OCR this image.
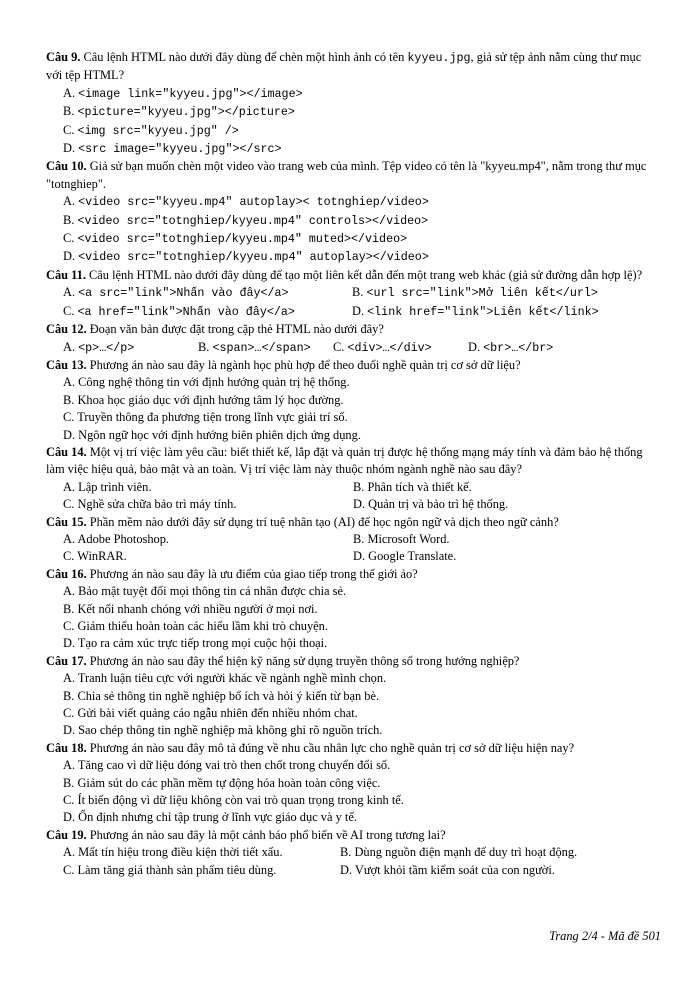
Câu 9. Câu lệnh HTML nào dưới đây dùng để chèn một hình ảnh có tên kyyeu.jpg, giả sử tệp ảnh nằm cùng thư mục với tệp HTML?
A. <image link="kyyeu.jpg"></image>
B. <picture="kyyeu.jpg"></picture>
C. <img src="kyyeu.jpg" />
D. <src image="kyyeu.jpg"></src>
Câu 10. Giả sử bạn muốn chèn một video vào trang web của mình. Tệp video có tên là "kyyeu.mp4", nằm trong thư mục "totnghiep".
A. <video src="kyyeu.mp4" autoplay>< totnghiep/video>
B. <video src="totnghiep/kyyeu.mp4" controls></video>
C. <video src="totnghiep/kyyeu.mp4" muted></video>
D. <video src="totnghiep/kyyeu.mp4" autoplay></video>
Câu 11. Câu lệnh HTML nào dưới đây dùng để tạo một liên kết dẫn đến một trang web khác (giả sử đường dẫn hợp lệ)?
A. <a src="link">Nhấn vào đây</a>	B. <url src="link">Mở liên kết</url>
C. <a href="link">Nhấn vào đây</a>	D. <link href="link">Liên kết</link>
Câu 12. Đoạn văn bản được đặt trong cặp thẻ HTML nào dưới đây?
A. <p>…</p>	B. <span>…</span>	C. <div>…</div>	D. <br>…</br>
Câu 13. Phương án nào sau đây là ngành học phù hợp để theo đuổi nghề quản trị cơ sở dữ liệu?
A. Công nghệ thông tin với định hướng quản trị hệ thống.
B. Khoa học giáo dục với định hướng tâm lý học đường.
C. Truyền thông đa phương tiện trong lĩnh vực giải trí số.
D. Ngôn ngữ học với định hướng biên phiên dịch ứng dụng.
Câu 14. Một vị trí việc làm yêu cầu: biết thiết kế, lắp đặt và quản trị được hệ thống mạng máy tính và đảm bảo hệ thống làm việc hiệu quả, bảo mật và an toàn. Vị trí việc làm này thuộc nhóm ngành nghề nào sau đây?
A. Lập trình viên.	B. Phân tích và thiết kế.
C. Nghề sửa chữa bảo trì máy tính.	D. Quản trị và bảo trì hệ thống.
Câu 15. Phần mềm nào dưới đây sử dụng trí tuệ nhân tạo (AI) để học ngôn ngữ và dịch theo ngữ cảnh?
A. Adobe Photoshop.	B. Microsoft Word.
C. WinRAR.	D. Google Translate.
Câu 16. Phương án nào sau đây là ưu điểm của giao tiếp trong thế giới ảo?
A. Bảo mật tuyệt đối mọi thông tin cá nhân được chia sẻ.
B. Kết nối nhanh chóng với nhiều người ở mọi nơi.
C. Giảm thiểu hoàn toàn các hiểu lầm khi trò chuyện.
D. Tạo ra cảm xúc trực tiếp trong mọi cuộc hội thoại.
Câu 17. Phương án nào sau đây thể hiện kỹ năng sử dụng truyền thông số trong hướng nghiệp?
A. Tranh luận tiêu cực với người khác về ngành nghề mình chọn.
B. Chia sẻ thông tin nghề nghiệp bổ ích và hỏi ý kiến từ bạn bè.
C. Gửi bài viết quảng cáo ngẫu nhiên đến nhiều nhóm chat.
D. Sao chép thông tin nghề nghiệp mà không ghi rõ nguồn trích.
Câu 18. Phương án nào sau đây mô tả đúng về nhu cầu nhân lực cho nghề quản trị cơ sở dữ liệu hiện nay?
A. Tăng cao vì dữ liệu đóng vai trò then chốt trong chuyển đổi số.
B. Giảm sút do các phần mềm tự động hóa hoàn toàn công việc.
C. Ít biến động vì dữ liệu không còn vai trò quan trọng trong kinh tế.
D. Ổn định nhưng chỉ tập trung ở lĩnh vực giáo dục và y tế.
Câu 19. Phương án nào sau đây là một cảnh báo phổ biến về AI trong tương lai?
A. Mất tín hiệu trong điều kiện thời tiết xấu.	B. Dùng nguồn điện mạnh để duy trì hoạt động.
C. Làm tăng giá thành sản phẩm tiêu dùng.	D. Vượt khỏi tầm kiểm soát của con người.
Trang 2/4 - Mã đề 501
